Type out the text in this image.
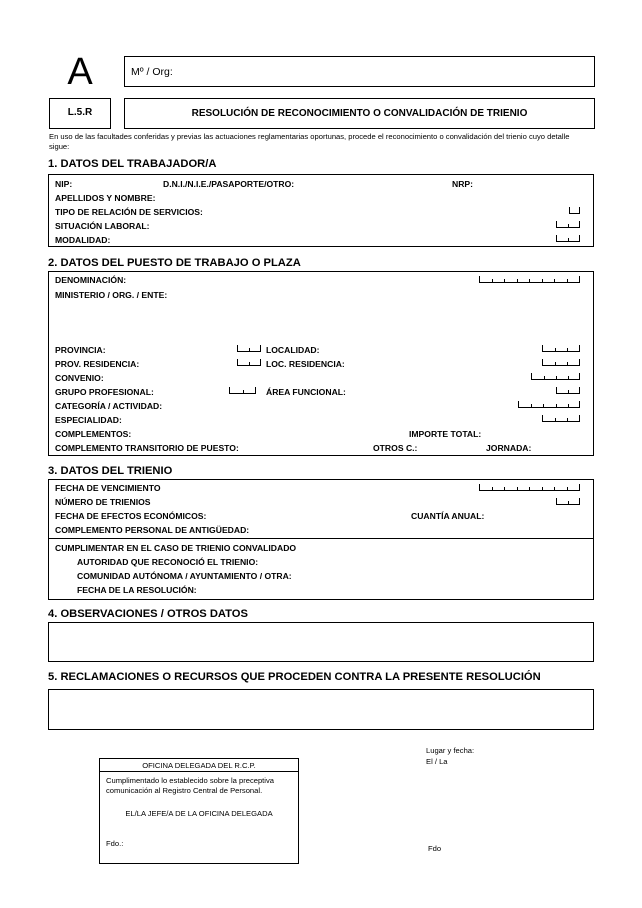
A	Mº / Org:
L.5.R	RESOLUCIÓN DE RECONOCIMIENTO O CONVALIDACIÓN DE TRIENIO
En uso de las facultades conferidas y previas las actuaciones reglamentarias oportunas, procede el reconocimiento o convalidación del trienio cuyo detalle
sigue:
1. DATOS DEL TRABAJADOR/A
NIP:	D.N.I./N.I.E./PASAPORTE/OTRO:	NRP:
APELLIDOS Y NOMBRE:
TIPO DE RELACIÓN DE SERVICIOS:
SITUACIÓN LABORAL:
MODALIDAD:
2. DATOS DEL PUESTO DE TRABAJO O PLAZA
DENOMINACIÓN:
MINISTERIO / ORG. / ENTE:
PROVINCIA:	LOCALIDAD:
PROV. RESIDENCIA:	LOC. RESIDENCIA:
CONVENIO:
GRUPO PROFESIONAL:	ÁREA FUNCIONAL:
CATEGORÍA / ACTIVIDAD:
ESPECIALIDAD:
COMPLEMENTOS:	IMPORTE TOTAL:
COMPLEMENTO TRANSITORIO DE PUESTO:	OTROS C.:	JORNADA:
3. DATOS DEL TRIENIO
FECHA DE VENCIMIENTO
NÚMERO DE TRIENIOS
FECHA DE EFECTOS ECONÓMICOS:	CUANTÍA ANUAL:
COMPLEMENTO PERSONAL DE ANTIGÜEDAD:
CUMPLIMENTAR EN EL CASO DE TRIENIO CONVALIDADO
AUTORIDAD QUE RECONOCIÓ EL TRIENIO:
COMUNIDAD AUTÓNOMA / AYUNTAMIENTO / OTRA:
FECHA DE LA RESOLUCIÓN:
4. OBSERVACIONES / OTROS DATOS
5. RECLAMACIONES O RECURSOS QUE PROCEDEN CONTRA LA PRESENTE RESOLUCIÓN
OFICINA DELEGADA DEL R.C.P.
Cumplimentado lo establecido sobre la preceptiva
comunicación al Registro Central de Personal.
EL/LA JEFE/A DE LA OFICINA DELEGADA
Fdo.:
Lugar y fecha:
El / La
Fdo
